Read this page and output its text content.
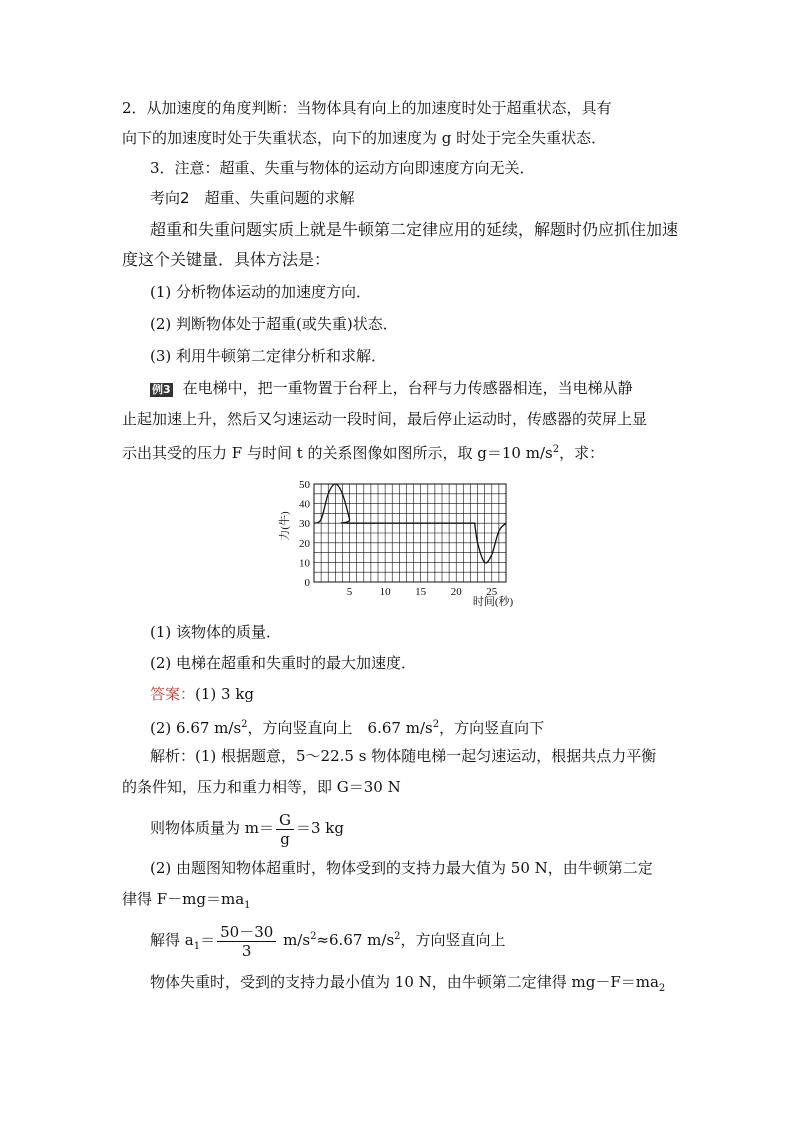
2．从加速度的角度判断：当物体具有向上的加速度时处于超重状态，具有
向下的加速度时处于失重状态，向下的加速度为 g 时处于完全失重状态．
3．注意：超重、失重与物体的运动方向即速度方向无关．
考向2　超重、失重问题的求解
超重和失重问题实质上就是牛顿第二定律应用的延续，解题时仍应抓住加速
度这个关键量．具体方法是：
(1) 分析物体运动的加速度方向．
(2) 判断物体处于超重(或失重)状态．
(3) 利用牛顿第二定律分析和求解．
例3 在电梯中，把一重物置于台秤上，台秤与力传感器相连，当电梯从静
止起加速上升，然后又匀速运动一段时间，最后停止运动时，传感器的荧屏上显
示出其受的压力 F 与时间 t 的关系图像如图所示，取 g＝10 $m/s^2$，求：
0
10
20
30
40
50
5 10 15 20 25
力(牛)
时间(秒)
(1) 该物体的质量．
(2) 电梯在超重和失重时的最大加速度．
答案：(1) 3 kg
(2) 6.67 $m/s^2$，方向竖直向上　6.67 $m/s^2$，方向竖直向下
解析：(1) 根据题意，5～22.5 s 物体随电梯一起匀速运动，根据共点力平衡
的条件知，压力和重力相等，即 G＝30 N
则物体质量为 $m= \frac{G}{g} =3$ kg
(2) 由题图知物体超重时，物体受到的支持力最大值为 50 N，由牛顿第二定
律得 $F-mg=ma_1$
解得 $a_1= \frac{50-30}{3} m/s^2\approx 6.67$ $m/s^2$，方向竖直向上
物体失重时，受到的支持力最小值为 10 N，由牛顿第二定律得 $mg-F=ma_2$
